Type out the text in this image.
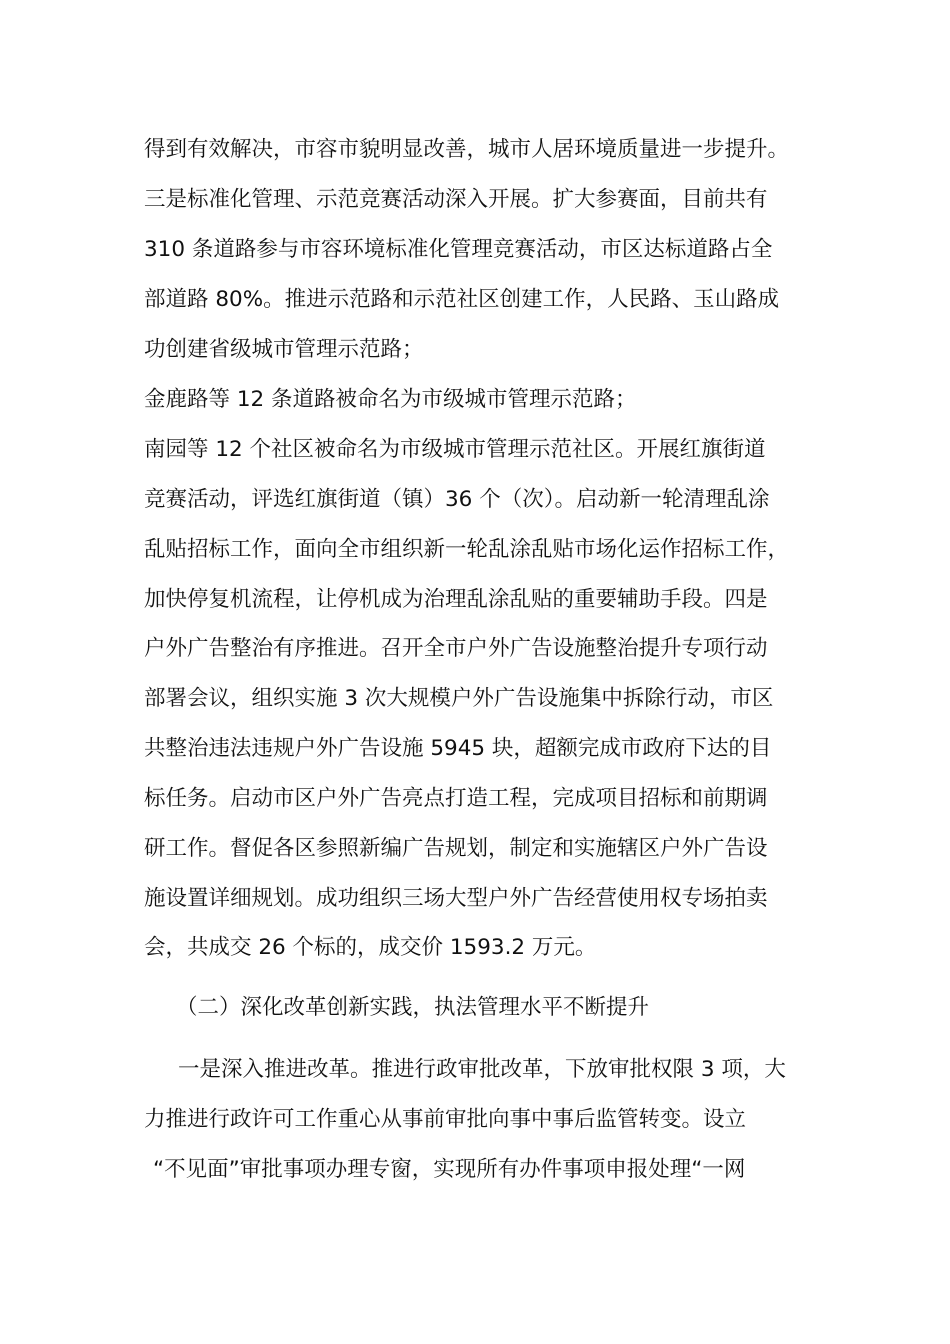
得到有效解决，市容市貌明显改善，城市人居环境质量进一步提升。
三是标准化管理、示范竞赛活动深入开展。扩大参赛面，目前共有
310 条道路参与市容环境标准化管理竞赛活动，市区达标道路占全
部道路 80%。推进示范路和示范社区创建工作，人民路、玉山路成
功创建省级城市管理示范路；
金鹿路等 12 条道路被命名为市级城市管理示范路；
南园等 12 个社区被命名为市级城市管理示范社区。开展红旗街道
竞赛活动，评选红旗街道（镇）36 个（次）。启动新一轮清理乱涂
乱贴招标工作，面向全市组织新一轮乱涂乱贴市场化运作招标工作，
加快停复机流程，让停机成为治理乱涂乱贴的重要辅助手段。四是
户外广告整治有序推进。召开全市户外广告设施整治提升专项行动
部署会议，组织实施 3 次大规模户外广告设施集中拆除行动，市区
共整治违法违规户外广告设施 5945 块，超额完成市政府下达的目
标任务。启动市区户外广告亮点打造工程，完成项目招标和前期调
研工作。督促各区参照新编广告规划，制定和实施辖区户外广告设
施设置详细规划。成功组织三场大型户外广告经营使用权专场拍卖
会，共成交 26 个标的，成交价 1593.2 万元。
（二）深化改革创新实践，执法管理水平不断提升
一是深入推进改革。推进行政审批改革，下放审批权限 3 项，大
力推进行政许可工作重心从事前审批向事中事后监管转变。设立
“不见面”审批事项办理专窗，实现所有办件事项申报处理“一网
